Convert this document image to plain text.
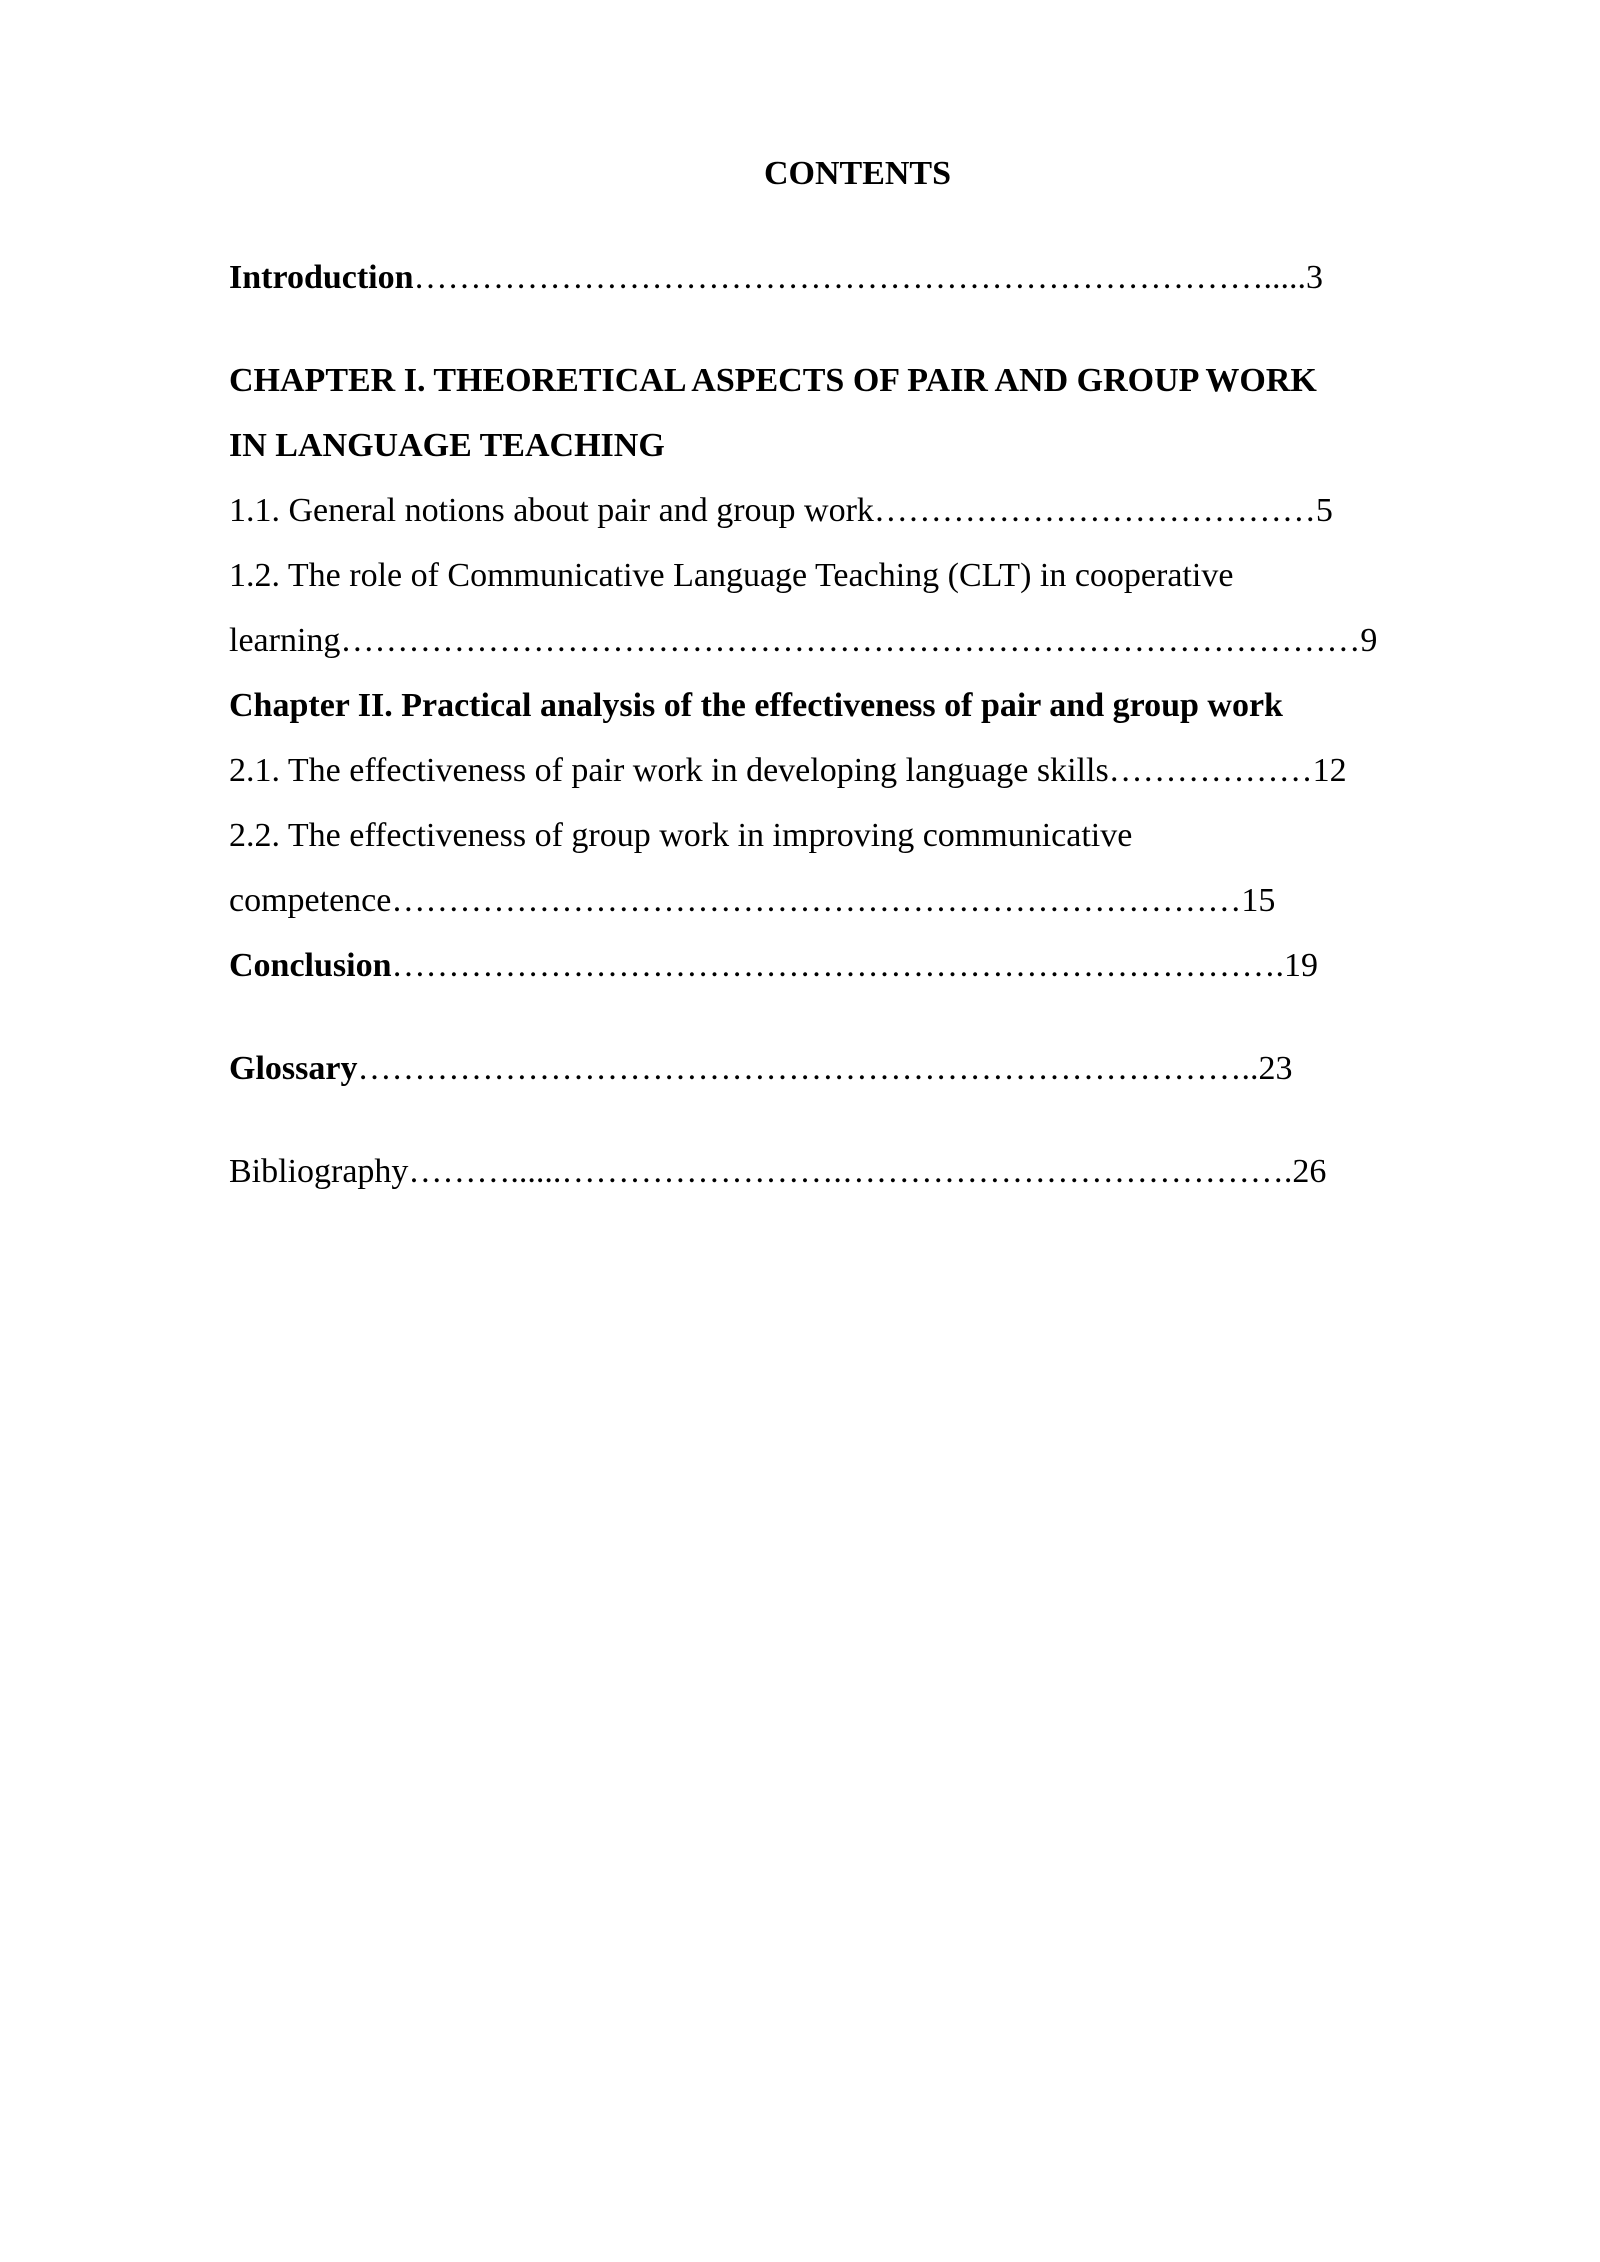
CONTENTS
Introduction………………………………………………………………….....3
CHAPTER I. THEORETICAL ASPECTS OF PAIR AND GROUP WORK
IN LANGUAGE TEACHING
1.1. General notions about pair and group work…………………………………5
1.2. The role of Communicative Language Teaching (CLT) in cooperative
learning………………………………………………………………………………9
Chapter II. Practical analysis of the effectiveness of pair and group work
2.1. The effectiveness of pair work in developing language skills………………12
2.2. The effectiveness of group work in improving communicative
competence…………………………………………………………………15
Conclusion…………………………………………………………………….19
Glossary……………………………………………………………………..23
Bibliography………......…………………….………………………………….26
